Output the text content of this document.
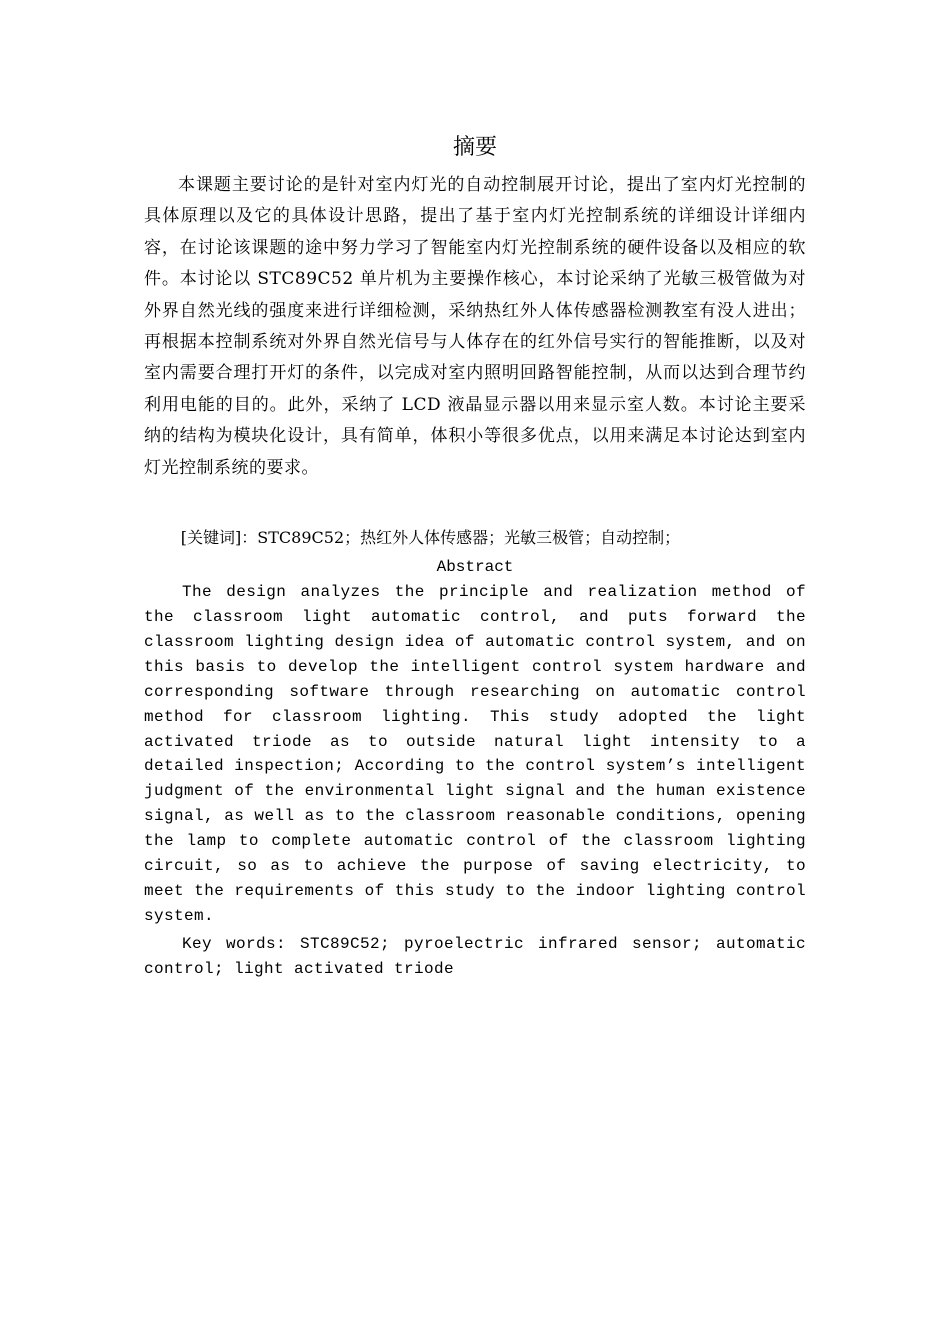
摘要

本课题主要讨论的是针对室内灯光的自动控制展开讨论，提出了室内灯光控制的具体原理以及它的具体设计思路，提出了基于室内灯光控制系统的详细设计详细内容，在讨论该课题的途中努力学习了智能室内灯光控制系统的硬件设备以及相应的软件。本讨论以 STC89C52 单片机为主要操作核心，本讨论采纳了光敏三极管做为对外界自然光线的强度来进行详细检测，采纳热红外人体传感器检测教室有没人进出；再根据本控制系统对外界自然光信号与人体存在的红外信号实行的智能推断，以及对室内需要合理打开灯的条件，以完成对室内照明回路智能控制，从而以达到合理节约利用电能的目的。此外，采纳了 LCD 液晶显示器以用来显示室人数。本讨论主要采纳的结构为模块化设计，具有简单，体积小等很多优点，以用来满足本讨论达到室内灯光控制系统的要求。

[关键词]：STC89C52；热红外人体传感器；光敏三极管；自动控制；

Abstract

The design analyzes the principle and realization method of the classroom light automatic control, and puts forward the classroom lighting design idea of automatic control system, and on this basis to develop the intelligent control system hardware and corresponding software through researching on automatic control method for classroom lighting. This study adopted the light activated triode as to outside natural light intensity to a detailed inspection; According to the control system’s intelligent judgment of the environmental light signal and the human existence signal, as well as to the classroom reasonable conditions, opening the lamp to complete automatic control of the classroom lighting circuit, so as to achieve the purpose of saving electricity, to meet the requirements of this study to the indoor lighting control system.

Key words: STC89C52; pyroelectric infrared sensor; automatic control; light activated triode
